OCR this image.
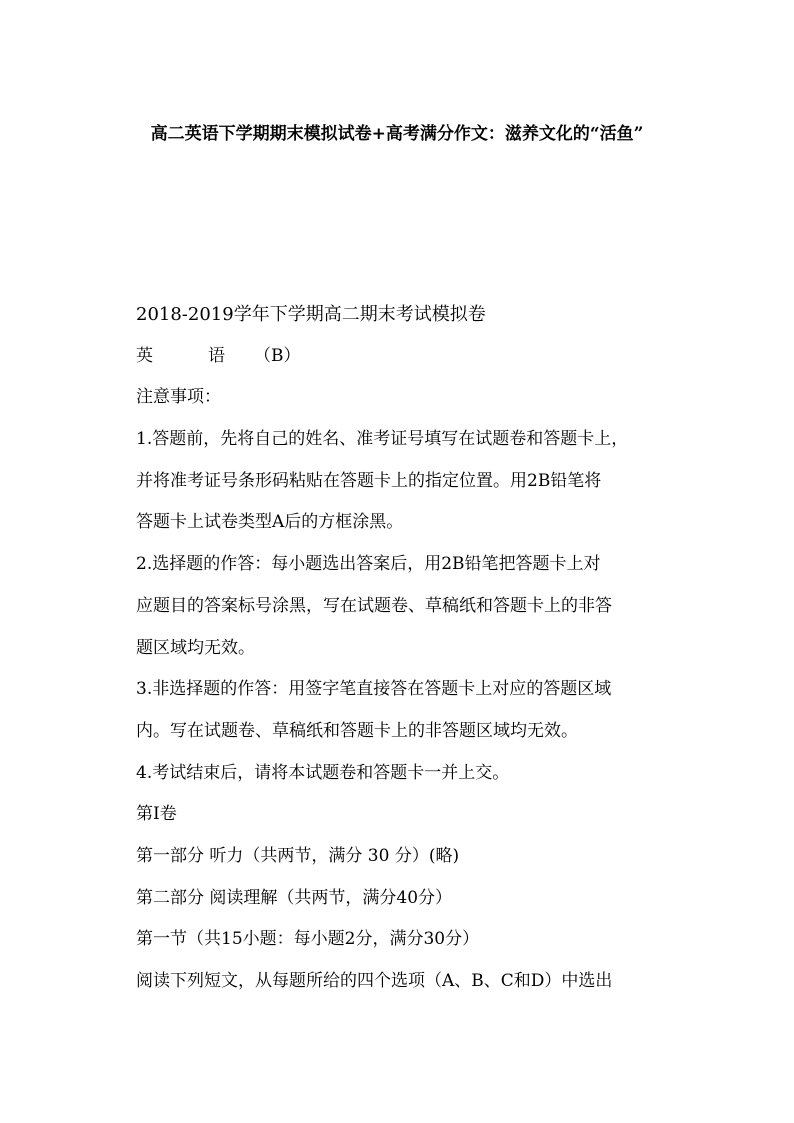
高二英语下学期期末模拟试卷+高考满分作文：滋养文化的“活鱼”

2018-2019学年下学期高二期末考试模拟卷

英	语 （B）

注意事项：

1.答题前，先将自己的姓名、准考证号填写在试题卷和答题卡上，

并将准考证号条形码粘贴在答题卡上的指定位置。用2B铅笔将

答题卡上试卷类型A后的方框涂黑。

2.选择题的作答：每小题选出答案后，用2B铅笔把答题卡上对

应题目的答案标号涂黑，写在试题卷、草稿纸和答题卡上的非答

题区域均无效。

3.非选择题的作答：用签字笔直接答在答题卡上对应的答题区域

内。写在试题卷、草稿纸和答题卡上的非答题区域均无效。

4.考试结束后，请将本试题卷和答题卡一并上交。

第Ⅰ卷

第一部分 听力（共两节，满分 30 分）(略)

第二部分 阅读理解（共两节，满分40分）

第一节（共15小题：每小题2分，满分30分）

阅读下列短文，从每题所给的四个选项（A、B、C和D）中选出
